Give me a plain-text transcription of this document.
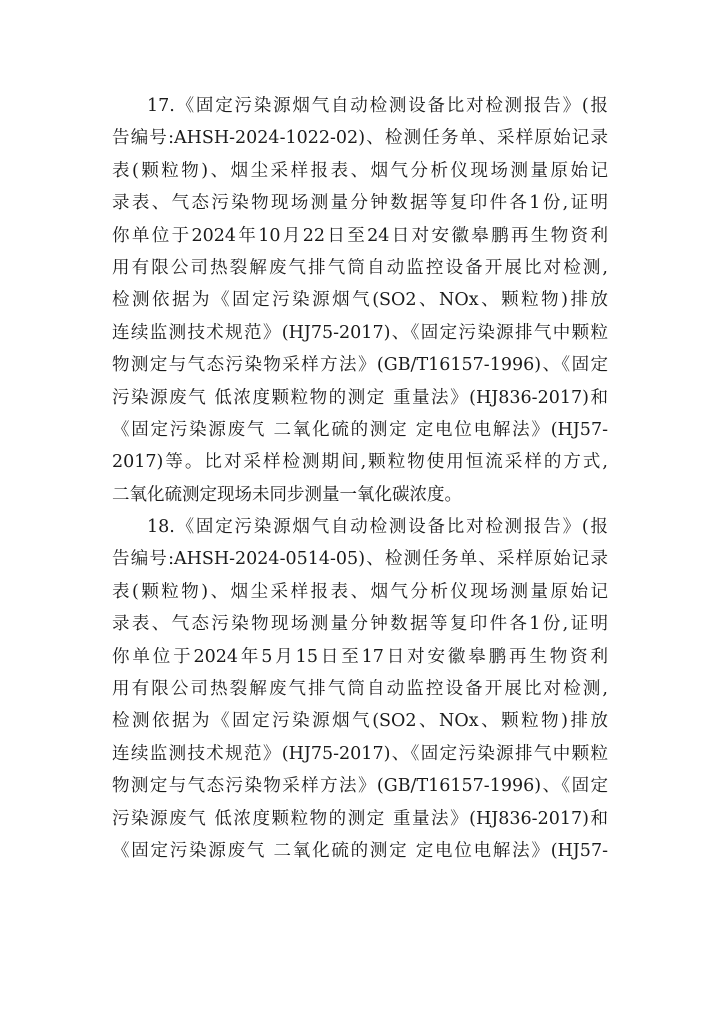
17.《固定污染源烟气自动检测设备比对检测报告》(报
告编号:AHSH-2024-1022-02)、检测任务单、采样原始记录
表(颗粒物)、烟尘采样报表、烟气分析仪现场测量原始记
录表、气态污染物现场测量分钟数据等复印件各1份,证明
你单位于2024年10月22日至24日对安徽皋鹏再生物资利
用有限公司热裂解废气排气筒自动监控设备开展比对检测,
检测依据为《固定污染源烟气(SO2、NOx、颗粒物)排放
连续监测技术规范》(HJ75-2017)、《固定污染源排气中颗粒
物测定与气态污染物采样方法》(GB/T16157-1996)、《固定
污染源废气 低浓度颗粒物的测定 重量法》(HJ836-2017)和
《固定污染源废气 二氧化硫的测定 定电位电解法》(HJ57-
2017)等。比对采样检测期间,颗粒物使用恒流采样的方式,
二氧化硫测定现场未同步测量一氧化碳浓度。
18.《固定污染源烟气自动检测设备比对检测报告》(报
告编号:AHSH-2024-0514-05)、检测任务单、采样原始记录
表(颗粒物)、烟尘采样报表、烟气分析仪现场测量原始记
录表、气态污染物现场测量分钟数据等复印件各1份,证明
你单位于2024年5月15日至17日对安徽皋鹏再生物资利
用有限公司热裂解废气排气筒自动监控设备开展比对检测,
检测依据为《固定污染源烟气(SO2、NOx、颗粒物)排放
连续监测技术规范》(HJ75-2017)、《固定污染源排气中颗粒
物测定与气态污染物采样方法》(GB/T16157-1996)、《固定
污染源废气 低浓度颗粒物的测定 重量法》(HJ836-2017)和
《固定污染源废气 二氧化硫的测定 定电位电解法》(HJ57-
